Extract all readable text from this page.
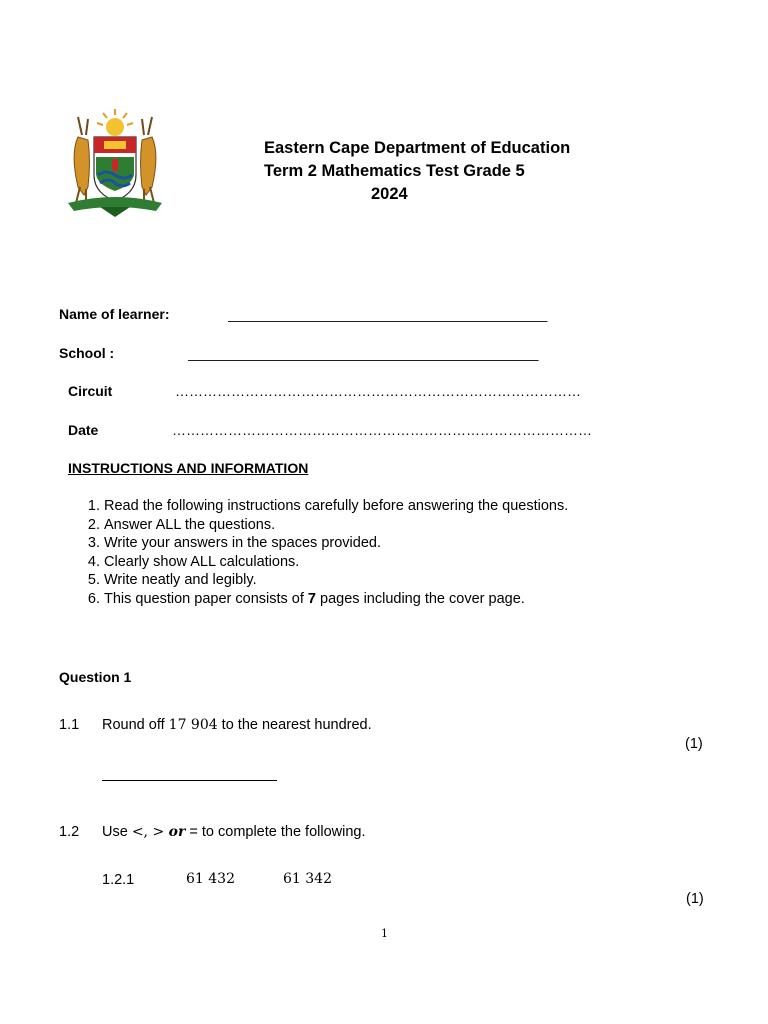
Eastern Cape Department of Education
Term 2 Mathematics Test Grade 5
2024
Name of learner:	_________________________________________
School :	_____________________________________________
Circuit	……………………………………………………………………………
Date	………………………………………………………………………………
INSTRUCTIONS AND INFORMATION
1. Read the following instructions carefully before answering the questions.
2. Answer ALL the questions.
3. Write your answers in the spaces provided.
4. Clearly show ALL calculations.
5. Write neatly and legibly.
6. This question paper consists of 7 pages including the cover page.
Question 1
1.1 Round off 17 904 to the nearest hundred.
(1)
1.2 Use <, > or = to complete the following.
1.2.1	61 432	61 342
(1)
1
